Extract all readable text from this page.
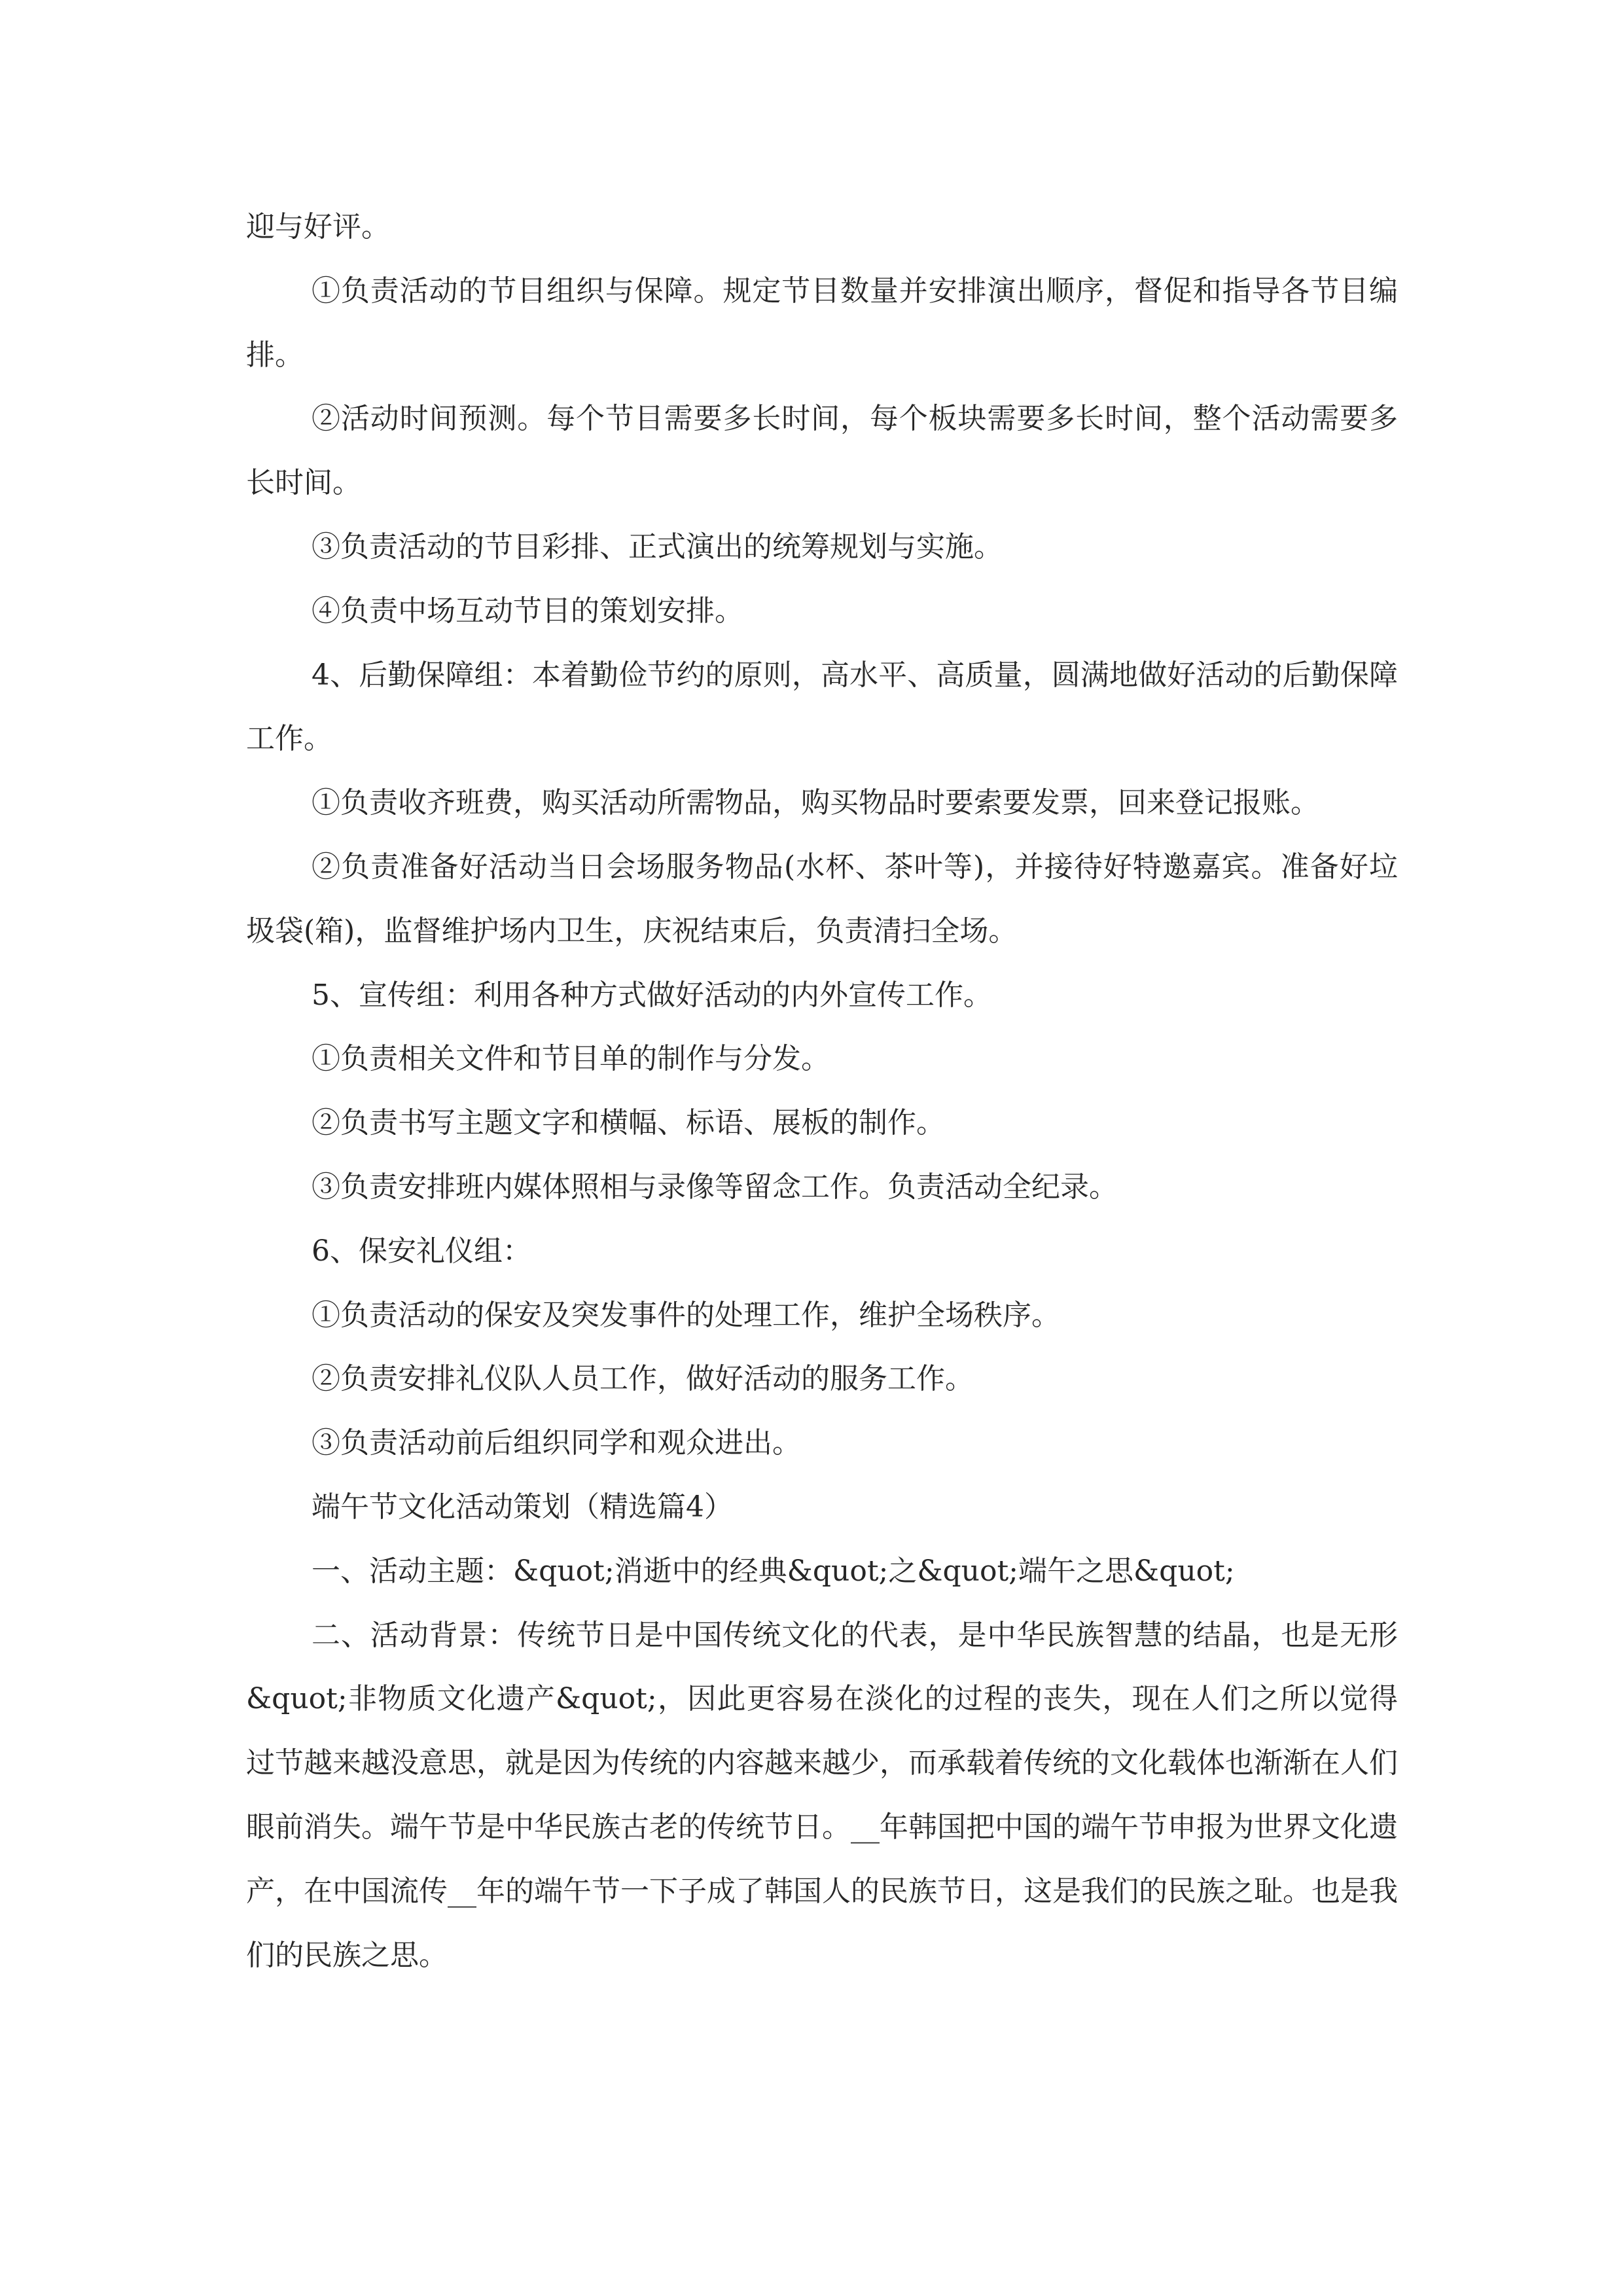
迎与好评。

①负责活动的节目组织与保障。规定节目数量并安排演出顺序，督促和指导各节目编排。

②活动时间预测。每个节目需要多长时间，每个板块需要多长时间，整个活动需要多长时间。

③负责活动的节目彩排、正式演出的统筹规划与实施。

④负责中场互动节目的策划安排。

4、后勤保障组：本着勤俭节约的原则，高水平、高质量，圆满地做好活动的后勤保障工作。

①负责收齐班费，购买活动所需物品，购买物品时要索要发票，回来登记报账。

②负责准备好活动当日会场服务物品(水杯、茶叶等)，并接待好特邀嘉宾。准备好垃圾袋(箱)，监督维护场内卫生，庆祝结束后，负责清扫全场。

5、宣传组：利用各种方式做好活动的内外宣传工作。

①负责相关文件和节目单的制作与分发。

②负责书写主题文字和横幅、标语、展板的制作。

③负责安排班内媒体照相与录像等留念工作。负责活动全纪录。

6、保安礼仪组：

①负责活动的保安及突发事件的处理工作，维护全场秩序。

②负责安排礼仪队人员工作，做好活动的服务工作。

③负责活动前后组织同学和观众进出。

端午节文化活动策划（精选篇4）

一、活动主题：&quot;消逝中的经典&quot;之&quot;端午之思&quot;

二、活动背景：传统节日是中国传统文化的代表，是中华民族智慧的结晶，也是无形&quot;非物质文化遗产&quot;，因此更容易在淡化的过程的丧失，现在人们之所以觉得过节越来越没意思，就是因为传统的内容越来越少，而承载着传统的文化载体也渐渐在人们眼前消失。端午节是中华民族古老的传统节日。__年韩国把中国的端午节申报为世界文化遗产，在中国流传__年的端午节一下子成了韩国人的民族节日，这是我们的民族之耻。也是我们的民族之思。
